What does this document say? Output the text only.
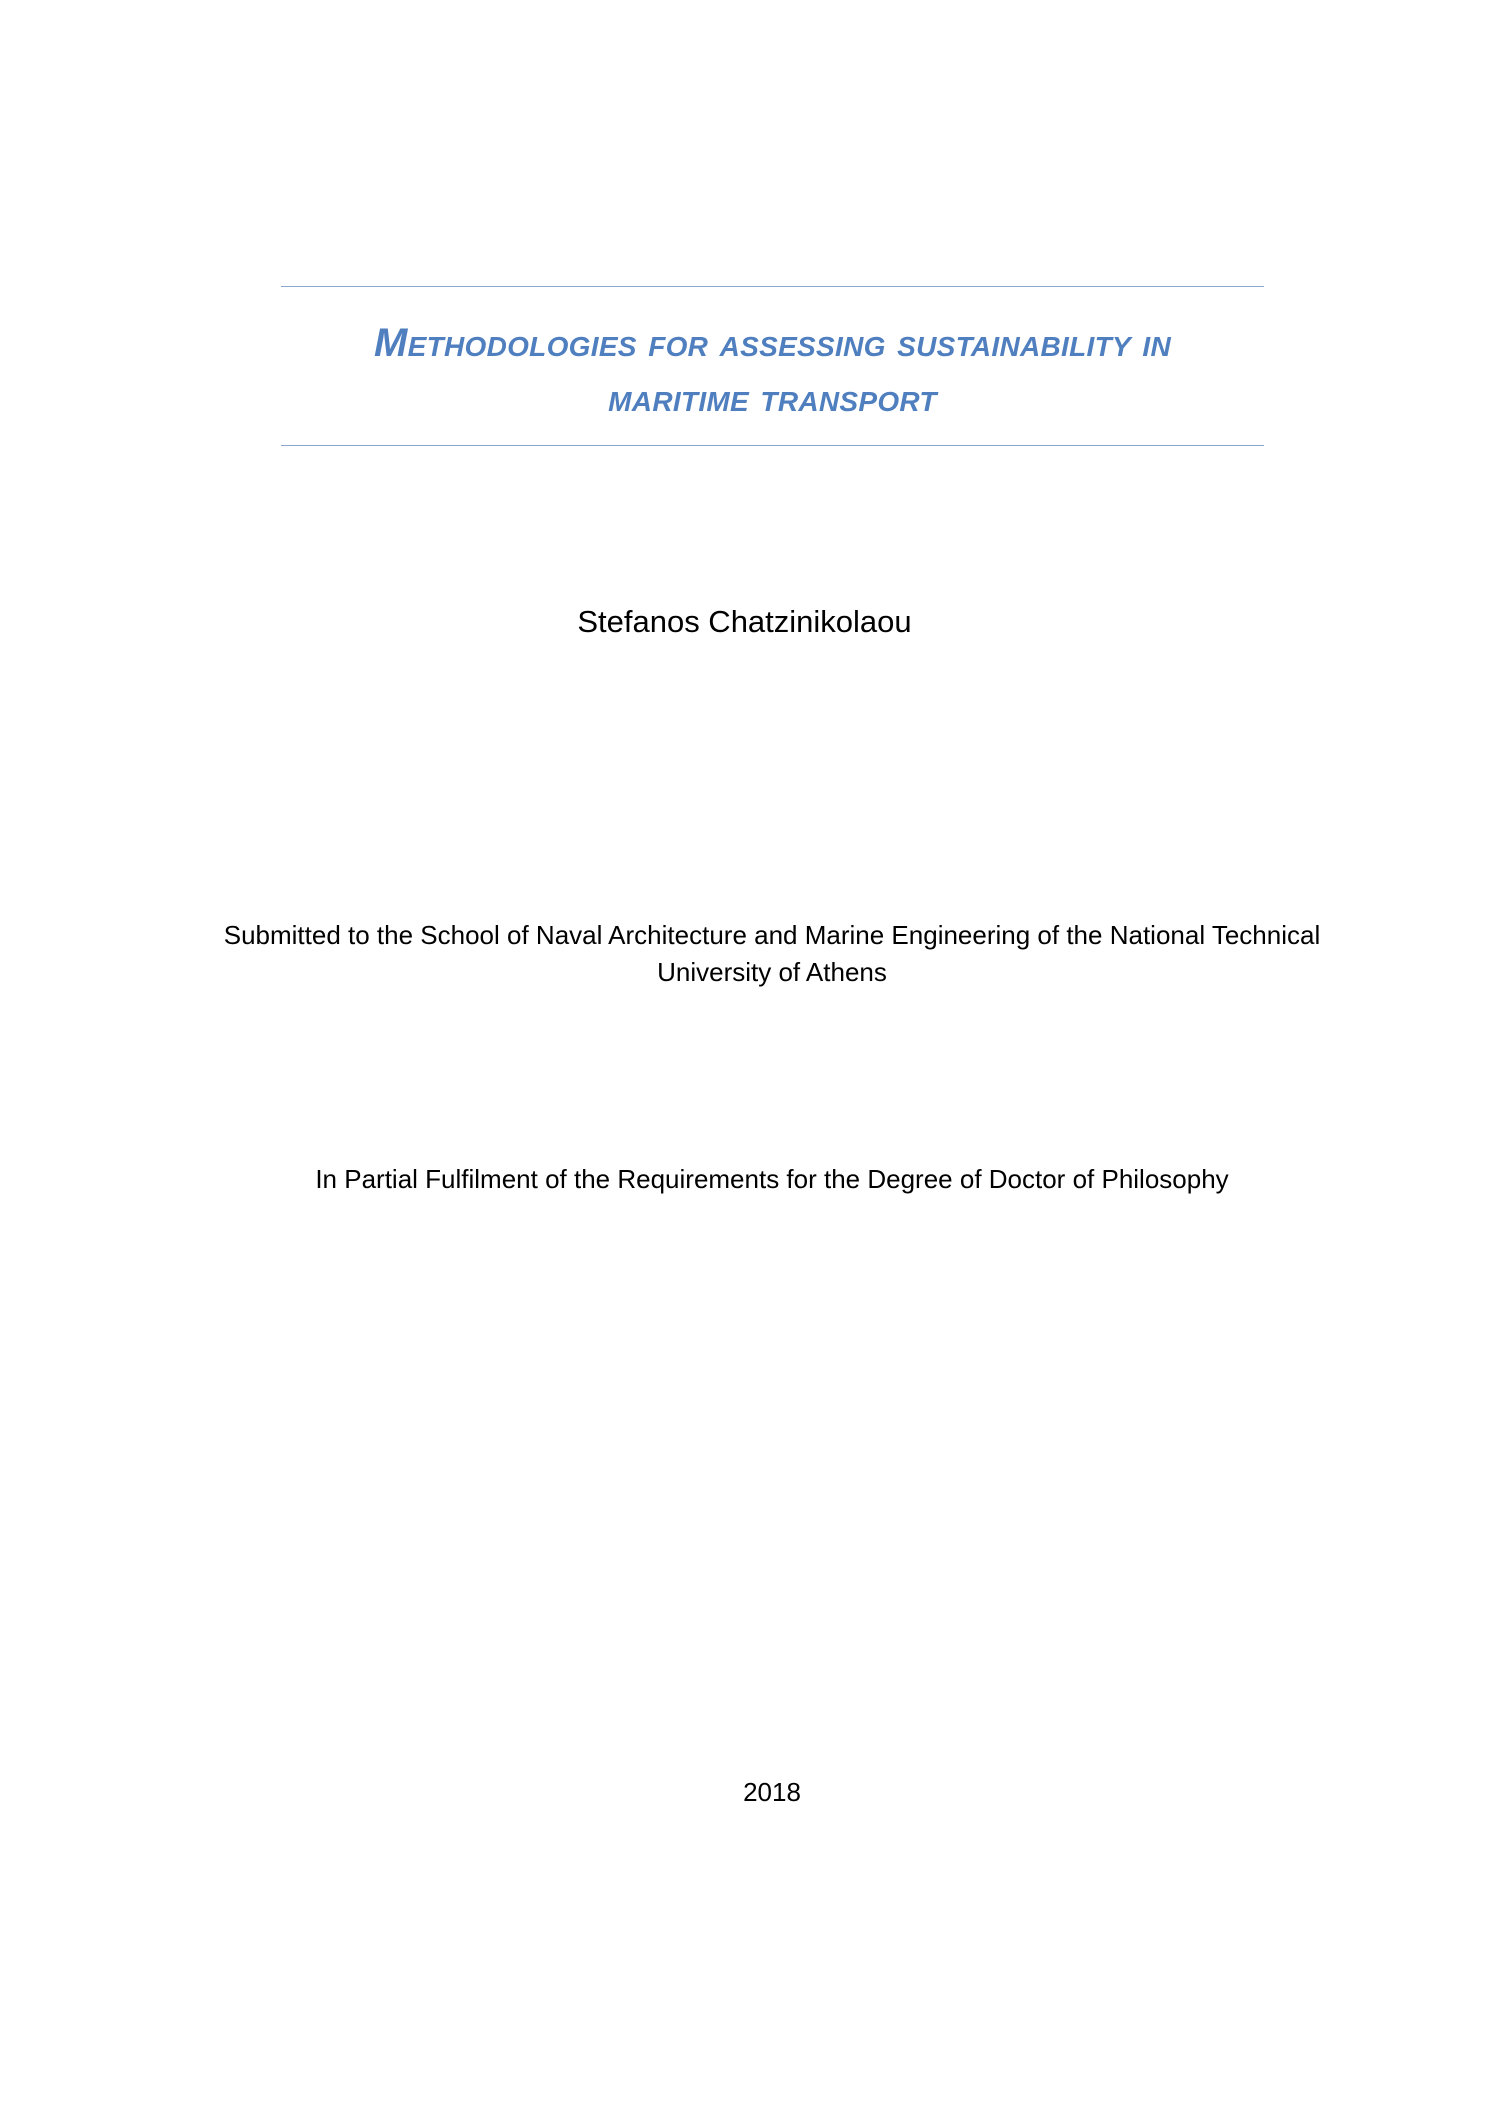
Methodologies for assessing sustainability in
maritime transport
Stefanos Chatzinikolaou
Submitted to the School of Naval Architecture and Marine Engineering of the National Technical
University of Athens
In Partial Fulfilment of the Requirements for the Degree of Doctor of Philosophy
2018
